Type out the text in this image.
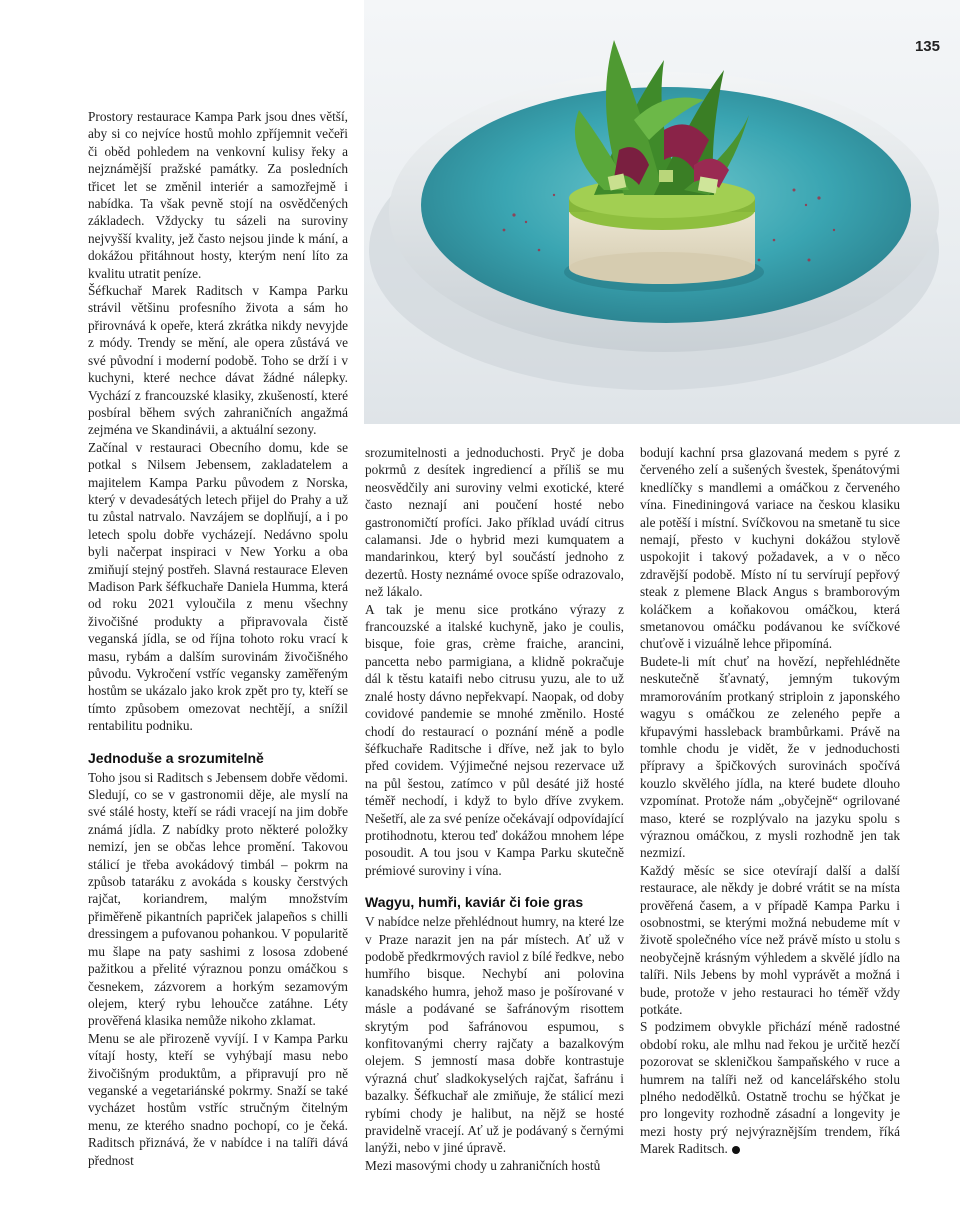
135

Prostory restaurace Kampa Park jsou dnes větší, aby si co nejvíce hostů mohlo zpříjemnit večeři či oběd pohledem na venkovní kulisy řeky a nejznámější pražské památky. Za posledních třicet let se změnil interiér a samozřejmě i nabídka. Ta však pevně stojí na osvědčených základech. Vždycky tu sázeli na suroviny nejvyšší kvality, jež často nejsou jinde k mání, a dokážou přitáhnout hosty, kterým není líto za kvalitu utratit peníze.

Šéfkuchař Marek Raditsch v Kampa Parku strávil většinu profesního života a sám ho přirovnává k opeře, která zkrátka nikdy nevyjde z módy. Trendy se mění, ale opera zůstává ve své původní i moderní podobě. Toho se drží i v kuchyni, které nechce dávat žádné nálepky. Vychází z francouzské klasiky, zkušeností, které posbíral během svých zahraničních angažmá zejména ve Skandinávii, a aktuální sezony.

Začínal v restauraci Obecního domu, kde se potkal s Nilsem Jebensem, zakladatelem a majitelem Kampa Parku původem z Norska, který v devadesátých letech přijel do Prahy a už tu zůstal natrvalo. Navzájem se doplňují, a i po letech spolu dobře vycházejí. Nedávno spolu byli načerpat inspiraci v New Yorku a oba zmiňují stejný postřeh. Slavná restaurace Eleven Madison Park šéfkuchaře Daniela Humma, která od roku 2021 vyloučila z menu všechny živočišné produkty a připravovala čistě veganská jídla, se od října tohoto roku vrací k masu, rybám a dalším surovinám živočišného původu. Vykročení vstříc vegansky zaměřeným hostům se ukázalo jako krok zpět pro ty, kteří se tímto způsobem omezovat nechtějí, a snížil rentabilitu podniku.

Jednoduše a srozumitelně

Toho jsou si Raditsch s Jebensem dobře vědomi. Sledují, co se v gastronomii děje, ale myslí na své stálé hosty, kteří se rádi vracejí na jim dobře známá jídla. Z nabídky proto některé položky nemizí, jen se občas lehce promění. Takovou stálicí je třeba avokádový timbál – pokrm na způsob tataráku z avokáda s kousky čerstvých rajčat, koriandrem, malým množstvím přiměřeně pikantních papriček jalapeños s chilli dressingem a pufovanou pohankou. V popularitě mu šlape na paty sashimi z lososa zdobené pažitkou a přelité výraznou ponzu omáčkou s česnekem, zázvorem a horkým sezamovým olejem, který rybu lehoučce zatáhne. Léty prověřená klasika nemůže nikoho zklamat.

Menu se ale přirozeně vyvíjí. I v Kampa Parku vítají hosty, kteří se vyhýbají masu nebo živočišným produktům, a připravují pro ně veganské a vegetariánské pokrmy. Snaží se také vycházet hostům vstříc stručným čitelným menu, ze kterého snadno pochopí, co je čeká. Raditsch přiznává, že v nabídce i na talíři dává přednost

srozumitelnosti a jednoduchosti. Pryč je doba pokrmů z desítek ingrediencí a příliš se mu neosvědčily ani suroviny velmi exotické, které často neznají ani poučení hosté nebo gastronomičtí profíci. Jako příklad uvádí citrus calamansi. Jde o hybrid mezi kumquatem a mandarinkou, který byl součástí jednoho z dezertů. Hosty neznámé ovoce spíše odrazovalo, než lákalo.

A tak je menu sice protkáno výrazy z francouzské a italské kuchyně, jako je coulis, bisque, foie gras, crème fraiche, arancini, pancetta nebo parmigiana, a klidně pokračuje dál k těstu kataifi nebo citrusu yuzu, ale to už znalé hosty dávno nepřekvapí. Naopak, od doby covidové pandemie se mnohé změnilo. Hosté chodí do restaurací o poznání méně a podle šéfkuchaře Raditsche i dříve, než jak to bylo před covidem. Výjimečné nejsou rezervace už na půl šestou, zatímco v půl desáté již hosté téměř nechodí, i když to bylo dříve zvykem. Nešetří, ale za své peníze očekávají odpovídající protihodnotu, kterou teď dokážou mnohem lépe posoudit. A tou jsou v Kampa Parku skutečně prémiové suroviny i vína.

Wagyu, humři, kaviár či foie gras

V nabídce nelze přehlédnout humry, na které lze v Praze narazit jen na pár místech. Ať už v podobě předkrmových raviol z bílé ředkve, nebo humřího bisque. Nechybí ani polovina kanadského humra, jehož maso je pošírované v másle a podávané se šafránovým risottem skrytým pod šafránovou espumou, s konfitovanými cherry rajčaty a bazalkovým olejem. S jemností masa dobře kontrastuje výrazná chuť sladkokyselých rajčat, šafránu i bazalky. Šéfkuchař ale zmiňuje, že stálicí mezi rybími chody je halibut, na nějž se hosté pravidelně vracejí. Ať už je podávaný s černými lanýži, nebo v jiné úpravě.

Mezi masovými chody u zahraničních hostů

bodují kachní prsa glazovaná medem s pyré z červeného zelí a sušených švestek, špenátovými knedlíčky s mandlemi a omáčkou z červeného vína. Finediningová variace na českou klasiku ale potěší i místní. Svíčkovou na smetaně tu sice nemají, přesto v kuchyni dokážou stylově uspokojit i takový požadavek, a v o něco zdravější podobě. Místo ní tu servírují pepřový steak z plemene Black Angus s bramborovým koláčkem a koňakovou omáčkou, která smetanovou omáčku podávanou ke svíčkové chuťově i vizuálně lehce připomíná.

Budete-li mít chuť na hovězí, nepřehlédněte neskutečně šťavnatý, jemným tukovým mramorováním protkaný striploin z japonského wagyu s omáčkou ze zeleného pepře a křupavými hassleback brambůrkami. Právě na tomhle chodu je vidět, že v jednoduchosti přípravy a špičkových surovinách spočívá kouzlo skvělého jídla, na které budete dlouho vzpomínat. Protože nám „obyčejně“ ogrilované maso, které se rozplývalo na jazyku spolu s výraznou omáčkou, z mysli rozhodně jen tak nezmizí.

Každý měsíc se sice otevírají další a další restaurace, ale někdy je dobré vrátit se na místa prověřená časem, a v případě Kampa Parku i osobnostmi, se kterými možná nebudeme mít v životě společného více než právě místo u stolu s neobyčejně krásným výhledem a skvělé jídlo na talíři. Nils Jebens by mohl vyprávět a možná i bude, protože v jeho restauraci ho téměř vždy potkáte.

S podzimem obvykle přichází méně radostné období roku, ale mlhu nad řekou je určitě hezčí pozorovat se skleničkou šampaňského v ruce a humrem na talíři než od kancelářského stolu plného nedodělků. Ostatně trochu se hýčkat je pro longevity rozhodně zásadní a longevity je mezi hosty prý nejvýraznějším trendem, říká Marek Raditsch.
